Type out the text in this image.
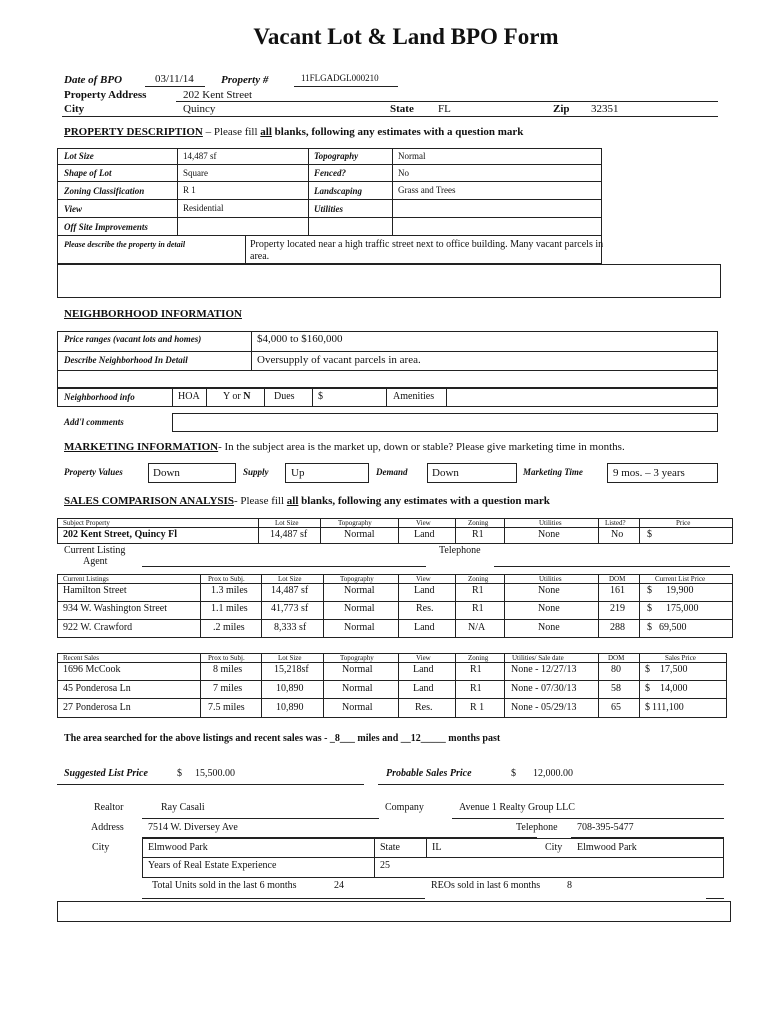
Vacant Lot & Land BPO Form
Date of BPO	03/11/14 Property #	11FLGADGL000210
Property Address	202 Kent Street
City	Quincy	State FL	Zip 32351
PROPERTY DESCRIPTION – Please fill all blanks, following any estimates with a question mark
Lot Size	14,487 sf	Topography	Normal
Shape of Lot	Square	Fenced?	No
Zoning Classification	R 1	Landscaping	Grass and Trees
View	Residential	Utilities
Off Site Improvements
Please describe the property in detail	Property located near a high traffic street next to office building. Many vacant parcels in
area.
NEIGHBORHOOD INFORMATION
Price ranges (vacant lots and homes)	$4,000 to $160,000
Describe Neighborhood In Detail	Oversupply of vacant parcels in area.
Neighborhood info	HOA Y or N Dues $	Amenities
Add'l comments
MARKETING INFORMATION- In the subject area is the market up, down or stable? Please give marketing time in months.
Property Values	Down	Supply Up	Demand Down	Marketing Time	9 mos. – 3 years
SALES COMPARISON ANALYSIS- Please fill all blanks, following any estimates with a question mark
Subject Property	Lot Size	Topography	View	Zoning	Utilities	Listed?	Price
202 Kent Street, Quincy Fl	14,487 sf	Normal	Land	R1	None	No $
Current Listing
Agent
Telephone
Current Listings	Prox to Subj.	Lot Size	Topography	View	Zoning	Utilities	DOM	Current List Price
Hamilton Street	1.3 miles 14,487 sf	Normal	Land	R1	None	161 $ 19,900
934 W. Washington Street	1.1 miles 41,773 sf	Normal	Res.	R1	None	219 $ 175,000
922 W. Crawford	.2 miles	8,333 sf	Normal	Land	N/A	None	288 $ 69,500
Recent Sales	Prox to Subj.	Lot Size	Topography	View	Zoning	Utilities/ Sale date	DOM	Sales Price
1696 McCook	8 miles	15,218sf	Normal	Land	R1	None - 12/27/13	80 $ 17,500
45 Ponderosa Ln	7 miles	10,890	Normal	Land	R1	None - 07/30/13	58 $ 14,000
27 Ponderosa Ln	7.5 miles	10,890	Normal	Res.	R 1	None - 05/29/13	65 $ 111,100
The area searched for the above listings and recent sales was - _8___ miles and __12_____ months past
Suggested List Price	$ 15,500.00	Probable Sales Price	$ 12,000.00
Realtor	Ray Casali	Company	Avenue 1 Realty Group LLC
Address 7514 W. Diversey Ave	Telephone 708-395-5477
City	Elmwood Park	State	IL	City Elmwood Park
Years of Real Estate Experience	25
Total Units sold in the last 6 months	24	REOs sold in last 6 months	8
